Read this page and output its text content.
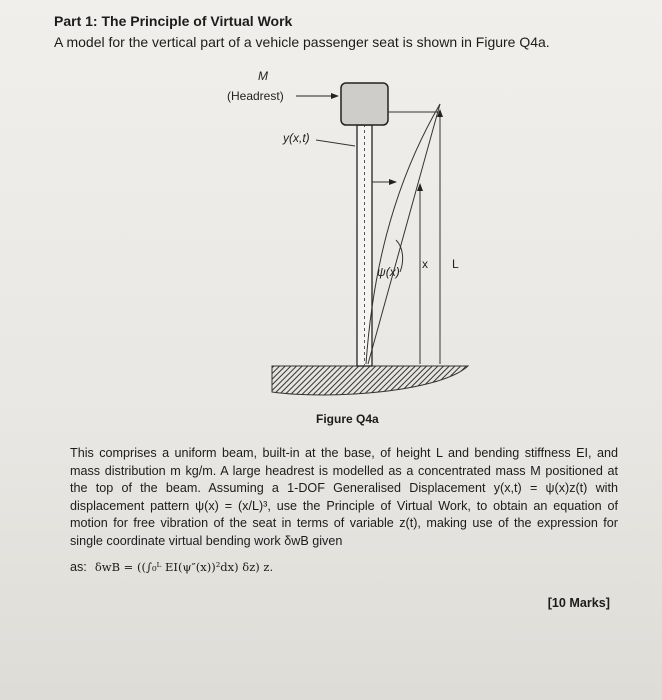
Part 1: The Principle of Virtual Work
A model for the vertical part of a vehicle passenger seat is shown in Figure Q4a.
M
(Headrest)
y(x,t)
ψ(x)
x L
Figure Q4a

This comprises a uniform beam, built-in at the base, of height L and bending stiffness EI, and mass distribution m kg/m. A large headrest is modelled as a concentrated mass M positioned at the top of the beam. Assuming a 1-DOF Generalised Displacement y(x,t) = ψ(x)z(t) with displacement pattern ψ(x) = (x/L)³, use the Principle of Virtual Work, to obtain an equation of motion for free vibration of the seat in terms of variable z(t), making use of the expression for single coordinate virtual bending work δwB given

as: δwB = ((∫₀ᴸ EI(ψ″(x))²dx) δz) z.
[10 Marks]
